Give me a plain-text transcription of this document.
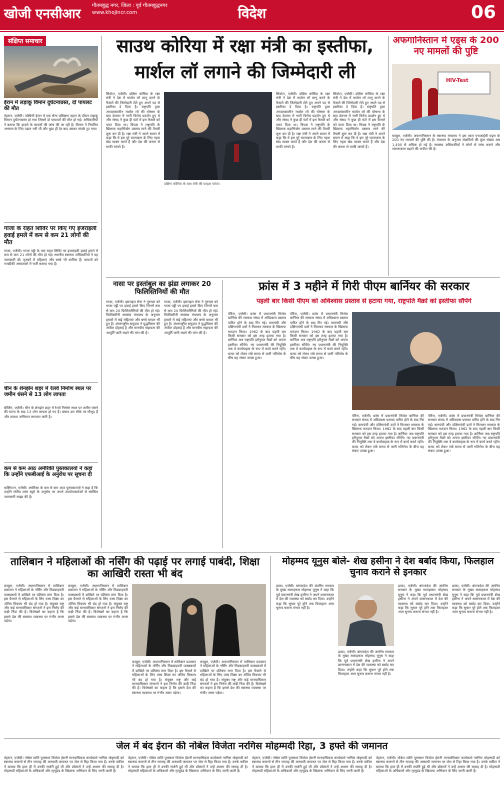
खोजी एनसीआर
गौतमबुद्ध नगर, जिला : पूर्व गौतमबुद्धनगर
www.khojincr.com	विदेश	06
संक्षिप्त समाचार
ईरान में लड़ाकू विमान दुर्घटनाग्रस्त, दो पायलट की मौत
तेहरान, एजेंसी। पश्चिमी ईरान में एक सैन्य प्रशिक्षण उड़ान के दौरान लड़ाकू विमान दुर्घटनाग्रस्त हो गया जिसमें दो पायलटों की मौत हो गई। अधिकारियों ने बताया कि हादसे के कारणों की जांच की जा रही है। विमान ने नियमित अभ्यास के लिए उड़ान भरी थी और कुछ ही देर बाद उसका संपर्क टूट गया।
गाजा के राहत शिविर पर किए गए इजराइली हवाई हमले में कम से कम 21 लोगों की मौत
गाजा, एजेंसी। गाजा पट्टी के एक राहत शिविर पर इजराइली हवाई हमले में कम से कम 21 लोगों की मौत हो गई। स्थानीय स्वास्थ्य अधिकारियों ने यह जानकारी दी। मृतकों में महिलाएं और बच्चे भी शामिल हैं। घायलों को नजदीकी अस्पतालों में भर्ती कराया गया है।
चीन के शेनझेन शहर में रेलवे निर्माण स्थल पर जमीन धंसने से 13 लोग लापता
बीजिंग, एजेंसी। चीन के शेनझेन शहर में रेलवे निर्माण स्थल पर जमीन धंसने की घटना के बाद 13 लोग लापता हो गए हैं। बचाव दल मौके पर मौजूद हैं और तलाश अभियान लगातार जारी है।
कम से कम आठ अमेरिकी पुस्तकालयों ने कहा कि उन्होंने एफबीआई के अनुरोध पर सूचना दी
वाशिंगटन, एजेंसी। अमेरिका के कम से कम आठ पुस्तकालयों ने कहा है कि उन्होंने संघीय जांच ब्यूरो के अनुरोध पर अपने उपयोगकर्ताओं से संबंधित जानकारी साझा की है।
साउथ कोरिया में रक्षा मंत्री का इस्तीफा,
मार्शल लॉ लगाने की जिम्मेदारी ली
सियोल, एजेंसी। दक्षिण कोरिया के रक्षा मंत्री ने देश में मार्शल लॉ लागू करने के फैसले की जिम्मेदारी लेते हुए अपने पद से इस्तीफा दे दिया है। राष्ट्रपति द्वारा आपातकालीन मार्शल लॉ की घोषणा के बाद देशभर में भारी विरोध प्रदर्शन हुए थे और संसद ने कुछ ही घंटों में इस फैसले को पलट दिया था। विपक्ष ने राष्ट्रपति के खिलाफ महाभियोग प्रस्ताव लाने की तैयारी शुरू कर दी है। रक्षा मंत्री ने अपने बयान में कहा कि वे इस पूरे घटनाक्रम के लिए गहरा खेद व्यक्त करते हैं और देश की जनता से माफी मांगते हैं।
दक्षिण कोरिया के रक्षा मंत्री की फाइल फोटो।
सियोल, एजेंसी। दक्षिण कोरिया के रक्षा मंत्री ने देश में मार्शल लॉ लागू करने के फैसले की जिम्मेदारी लेते हुए अपने पद से इस्तीफा दे दिया है। राष्ट्रपति द्वारा आपातकालीन मार्शल लॉ की घोषणा के बाद देशभर में भारी विरोध प्रदर्शन हुए थे और संसद ने कुछ ही घंटों में इस फैसले को पलट दिया था। विपक्ष ने राष्ट्रपति के खिलाफ महाभियोग प्रस्ताव लाने की तैयारी शुरू कर दी है। रक्षा मंत्री ने अपने बयान में कहा कि वे इस पूरे घटनाक्रम के लिए गहरा खेद व्यक्त करते हैं और देश की जनता से माफी मांगते हैं।
सियोल, एजेंसी। दक्षिण कोरिया के रक्षा मंत्री ने देश में मार्शल लॉ लागू करने के फैसले की जिम्मेदारी लेते हुए अपने पद से इस्तीफा दे दिया है। राष्ट्रपति द्वारा आपातकालीन मार्शल लॉ की घोषणा के बाद देशभर में भारी विरोध प्रदर्शन हुए थे और संसद ने कुछ ही घंटों में इस फैसले को पलट दिया था। विपक्ष ने राष्ट्रपति के खिलाफ महाभियोग प्रस्ताव लाने की तैयारी शुरू कर दी है। रक्षा मंत्री ने अपने बयान में कहा कि वे इस पूरे घटनाक्रम के लिए गहरा खेद व्यक्त करते हैं और देश की जनता से माफी मांगते हैं।
अफगानिस्तान में एड्स के 200 नए मामलों की पुष्टि
HIV-Test
काबुल, एजेंसी। अफगानिस्तान के स्वास्थ्य मंत्रालय ने इस साल एचआईवी एड्स के 200 नए मामलों की पुष्टि की है। मंत्रालय के अनुसार संक्रमितों की कुल संख्या अब 1,400 से अधिक हो गई है। स्वास्थ्य अधिकारियों ने लोगों से जांच कराने और जागरूकता बढ़ाने की अपील की है।
नासा पर इस्तांबुल का झंडा लगाकर 20 फिलिस्तिनियों की मौत
गाजा, एजेंसी। इसराइल सेना ने गुरुवार को गाजा पट्टी पर हवाई हमले किए जिनमें कम से कम 20 फिलिस्तीनियों की मौत हो गई। फिलिस्तीनी स्वास्थ्य मंत्रालय के अनुसार हमलों में कई महिलाएं और बच्चे घायल भी हुए हैं। अंतरराष्ट्रीय समुदाय ने युद्धविराम की अपील दोहराई है और मानवीय सहायता की आपूर्ति जारी रखने की मांग की है।
गाजा, एजेंसी। इसराइल सेना ने गुरुवार को गाजा पट्टी पर हवाई हमले किए जिनमें कम से कम 20 फिलिस्तीनियों की मौत हो गई। फिलिस्तीनी स्वास्थ्य मंत्रालय के अनुसार हमलों में कई महिलाएं और बच्चे घायल भी हुए हैं। अंतरराष्ट्रीय समुदाय ने युद्धविराम की अपील दोहराई है और मानवीय सहायता की आपूर्ति जारी रखने की मांग की है।
फ्रांस में 3 महीने में गिरी पीएम बार्नियर की सरकार
पहली बार किसी पीएम को अविश्वास प्रस्ताव से हटाया गया, राष्ट्रपति मैक्रों को इस्तीफा सौंपेंगे
पेरिस, एजेंसी। फ्रांस में प्रधानमंत्री मिशेल बार्नियर की सरकार संसद में अविश्वास प्रस्ताव पारित होने के बाद गिर गई। वामपंथी और दक्षिणपंथी दलों ने मिलकर सरकार के खिलाफ मतदान किया। 1962 के बाद पहली बार किसी सरकार को इस तरह हटाया गया है। बार्नियर अब राष्ट्रपति इमैनुएल मैक्रों को अपना इस्तीफा सौंपेंगे। नए प्रधानमंत्री की नियुक्ति तक वे कार्यवाहक के रूप में कार्य करते रहेंगे। बजट को लेकर लंबे समय से जारी गतिरोध के बीच यह संकट उत्पन्न हुआ।
पेरिस, एजेंसी। फ्रांस में प्रधानमंत्री मिशेल बार्नियर की सरकार संसद में अविश्वास प्रस्ताव पारित होने के बाद गिर गई। वामपंथी और दक्षिणपंथी दलों ने मिलकर सरकार के खिलाफ मतदान किया। 1962 के बाद पहली बार किसी सरकार को इस तरह हटाया गया है। बार्नियर अब राष्ट्रपति इमैनुएल मैक्रों को अपना इस्तीफा सौंपेंगे। नए प्रधानमंत्री की नियुक्ति तक वे कार्यवाहक के रूप में कार्य करते रहेंगे। बजट को लेकर लंबे समय से जारी गतिरोध के बीच यह संकट उत्पन्न हुआ।
पेरिस, एजेंसी। फ्रांस में प्रधानमंत्री मिशेल बार्नियर की सरकार संसद में अविश्वास प्रस्ताव पारित होने के बाद गिर गई। वामपंथी और दक्षिणपंथी दलों ने मिलकर सरकार के खिलाफ मतदान किया। 1962 के बाद पहली बार किसी सरकार को इस तरह हटाया गया है। बार्नियर अब राष्ट्रपति इमैनुएल मैक्रों को अपना इस्तीफा सौंपेंगे। नए प्रधानमंत्री की नियुक्ति तक वे कार्यवाहक के रूप में कार्य करते रहेंगे। बजट को लेकर लंबे समय से जारी गतिरोध के बीच यह संकट उत्पन्न हुआ।
पेरिस, एजेंसी। फ्रांस में प्रधानमंत्री मिशेल बार्नियर की सरकार संसद में अविश्वास प्रस्ताव पारित होने के बाद गिर गई। वामपंथी और दक्षिणपंथी दलों ने मिलकर सरकार के खिलाफ मतदान किया। 1962 के बाद पहली बार किसी सरकार को इस तरह हटाया गया है। बार्नियर अब राष्ट्रपति इमैनुएल मैक्रों को अपना इस्तीफा सौंपेंगे। नए प्रधानमंत्री की नियुक्ति तक वे कार्यवाहक के रूप में कार्य करते रहेंगे। बजट को लेकर लंबे समय से जारी गतिरोध के बीच यह संकट उत्पन्न हुआ।
तालिबान ने महिलाओं की नर्सिंग की पढ़ाई पर लगाई पाबंदी, शिक्षा का आखिरी रास्ता भी बंद
काबुल, एजेंसी। अफगानिस्तान में तालिबान प्रशासन ने महिलाओं के नर्सिंग और मिडवाइफरी पाठ्यक्रमों में दाखिले पर प्रतिबंध लगा दिया है। इस फैसले से महिलाओं के लिए उच्च शिक्षा का अंतिम विकल्प भी बंद हो गया है। संयुक्त राष्ट्र और कई मानवाधिकार संगठनों ने इस निर्णय की कड़ी निंदा की है। विशेषज्ञों का कहना है कि इससे देश की स्वास्थ्य व्यवस्था पर गंभीर असर पड़ेगा।
काबुल, एजेंसी। अफगानिस्तान में तालिबान प्रशासन ने महिलाओं के नर्सिंग और मिडवाइफरी पाठ्यक्रमों में दाखिले पर प्रतिबंध लगा दिया है। इस फैसले से महिलाओं के लिए उच्च शिक्षा का अंतिम विकल्प भी बंद हो गया है। संयुक्त राष्ट्र और कई मानवाधिकार संगठनों ने इस निर्णय की कड़ी निंदा की है। विशेषज्ञों का कहना है कि इससे देश की स्वास्थ्य व्यवस्था पर गंभीर असर पड़ेगा।
काबुल, एजेंसी। अफगानिस्तान में तालिबान प्रशासन ने महिलाओं के नर्सिंग और मिडवाइफरी पाठ्यक्रमों में दाखिले पर प्रतिबंध लगा दिया है। इस फैसले से महिलाओं के लिए उच्च शिक्षा का अंतिम विकल्प भी बंद हो गया है। संयुक्त राष्ट्र और कई मानवाधिकार संगठनों ने इस निर्णय की कड़ी निंदा की है। विशेषज्ञों का कहना है कि इससे देश की स्वास्थ्य व्यवस्था पर गंभीर असर पड़ेगा।
काबुल, एजेंसी। अफगानिस्तान में तालिबान प्रशासन ने महिलाओं के नर्सिंग और मिडवाइफरी पाठ्यक्रमों में दाखिले पर प्रतिबंध लगा दिया है। इस फैसले से महिलाओं के लिए उच्च शिक्षा का अंतिम विकल्प भी बंद हो गया है। संयुक्त राष्ट्र और कई मानवाधिकार संगठनों ने इस निर्णय की कड़ी निंदा की है। विशेषज्ञों का कहना है कि इससे देश की स्वास्थ्य व्यवस्था पर गंभीर असर पड़ेगा।
मोहम्मद यूनुस बोले- शेख हसीना ने देश बर्बाद किया, फिलहाल चुनाव कराने से इनकार
ढाका, एजेंसी। बांग्लादेश की अंतरिम सरकार के मुख्य सलाहकार मोहम्मद यूनुस ने कहा कि पूर्व प्रधानमंत्री शेख हसीना ने अपने शासनकाल में देश की व्यवस्था को बर्बाद कर दिया। उन्होंने कहा कि सुधार पूरे होने तक फिलहाल आम चुनाव कराना संभव नहीं है।
ढाका, एजेंसी। बांग्लादेश की अंतरिम सरकार के मुख्य सलाहकार मोहम्मद यूनुस ने कहा कि पूर्व प्रधानमंत्री शेख हसीना ने अपने शासनकाल में देश की व्यवस्था को बर्बाद कर दिया। उन्होंने कहा कि सुधार पूरे होने तक फिलहाल आम चुनाव कराना संभव नहीं है।
ढाका, एजेंसी। बांग्लादेश की अंतरिम सरकार के मुख्य सलाहकार मोहम्मद यूनुस ने कहा कि पूर्व प्रधानमंत्री शेख हसीना ने अपने शासनकाल में देश की व्यवस्था को बर्बाद कर दिया। उन्होंने कहा कि सुधार पूरे होने तक फिलहाल आम चुनाव कराना संभव नहीं है।
ढाका, एजेंसी। बांग्लादेश की अंतरिम सरकार के मुख्य सलाहकार मोहम्मद यूनुस ने कहा कि पूर्व प्रधानमंत्री शेख हसीना ने अपने शासनकाल में देश की व्यवस्था को बर्बाद कर दिया। उन्होंने कहा कि सुधार पूरे होने तक फिलहाल आम चुनाव कराना संभव नहीं है।
जेल में बंद ईरान की नोबेल विजेता नरगिस मोहम्मदी रिहा, 3 हफ्ते की जमानत
तेहरान, एजेंसी। नोबेल शांति पुरस्कार विजेता ईरानी मानवाधिकार कार्यकर्ता नरगिस मोहम्मदी को स्वास्थ्य कारणों से तीन सप्ताह की अस्थायी जमानत पर जेल से रिहा किया गया है। उनके वकील ने बताया कि हाल ही में उनकी सर्जरी हुई थी और डॉक्टरों ने उन्हें आराम की सलाह दी है। मोहम्मदी महिलाओं के अधिकारों और मृत्युदंड के खिलाफ अभियान के लिए जानी जाती हैं।
तेहरान, एजेंसी। नोबेल शांति पुरस्कार विजेता ईरानी मानवाधिकार कार्यकर्ता नरगिस मोहम्मदी को स्वास्थ्य कारणों से तीन सप्ताह की अस्थायी जमानत पर जेल से रिहा किया गया है। उनके वकील ने बताया कि हाल ही में उनकी सर्जरी हुई थी और डॉक्टरों ने उन्हें आराम की सलाह दी है। मोहम्मदी महिलाओं के अधिकारों और मृत्युदंड के खिलाफ अभियान के लिए जानी जाती हैं।
तेहरान, एजेंसी। नोबेल शांति पुरस्कार विजेता ईरानी मानवाधिकार कार्यकर्ता नरगिस मोहम्मदी को स्वास्थ्य कारणों से तीन सप्ताह की अस्थायी जमानत पर जेल से रिहा किया गया है। उनके वकील ने बताया कि हाल ही में उनकी सर्जरी हुई थी और डॉक्टरों ने उन्हें आराम की सलाह दी है। मोहम्मदी महिलाओं के अधिकारों और मृत्युदंड के खिलाफ अभियान के लिए जानी जाती हैं।
तेहरान, एजेंसी। नोबेल शांति पुरस्कार विजेता ईरानी मानवाधिकार कार्यकर्ता नरगिस मोहम्मदी को स्वास्थ्य कारणों से तीन सप्ताह की अस्थायी जमानत पर जेल से रिहा किया गया है। उनके वकील ने बताया कि हाल ही में उनकी सर्जरी हुई थी और डॉक्टरों ने उन्हें आराम की सलाह दी है। मोहम्मदी महिलाओं के अधिकारों और मृत्युदंड के खिलाफ अभियान के लिए जानी जाती हैं।
